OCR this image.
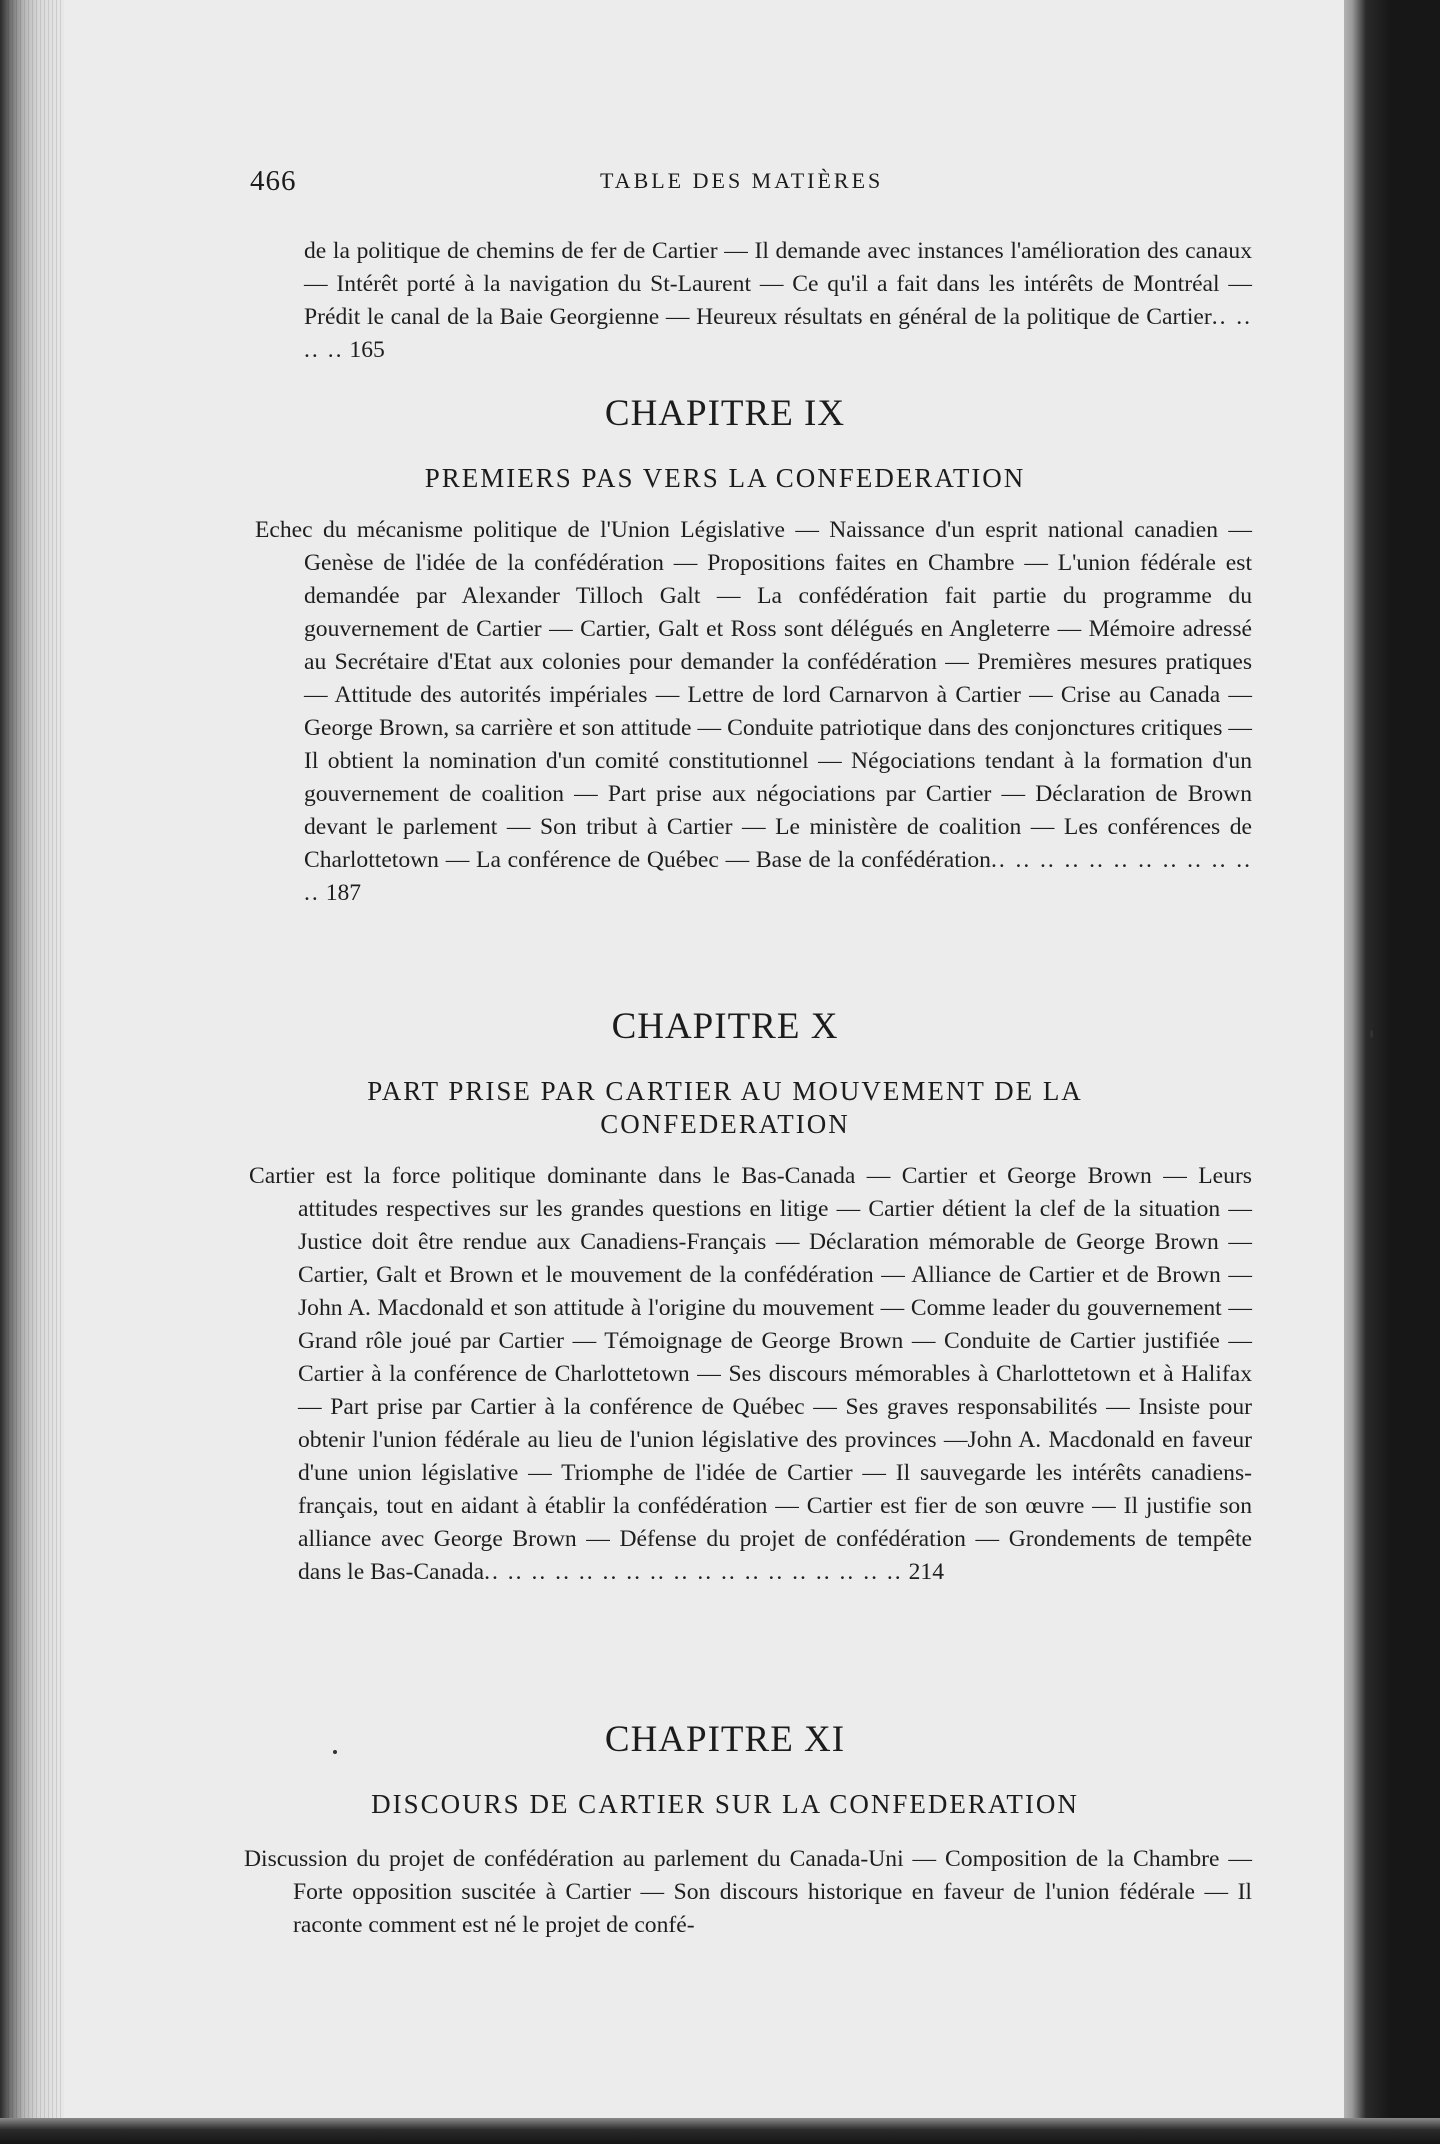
466	TABLE DES MATIÈRES
de la politique de chemins de fer de Cartier — Il demande avec instances l'amélioration des canaux — Intérêt porté à la navigation du St-Laurent — Ce qu'il a fait dans les intérêts de Montréal — Prédit le canal de la Baie Georgienne — Heureux résultats en général de la politique de Cartier.. .. .. .. 165
CHAPITRE IX
PREMIERS PAS VERS LA CONFEDERATION
Echec du mécanisme politique de l'Union Législative — Naissance d'un esprit national canadien — Genèse de l'idée de la confédération — Propositions faites en Chambre — L'union fédérale est demandée par Alexander Tilloch Galt — La confédération fait partie du programme du gouvernement de Cartier — Cartier, Galt et Ross sont délégués en Angleterre — Mémoire adressé au Secrétaire d'Etat aux colonies pour demander la confédération — Premières mesures pratiques — Attitude des autorités impériales — Lettre de lord Carnarvon à Cartier — Crise au Canada — George Brown, sa carrière et son attitude — Conduite patriotique dans des conjonctures critiques — Il obtient la nomination d'un comité constitutionnel — Négociations tendant à la formation d'un gouvernement de coalition — Part prise aux négociations par Cartier — Déclaration de Brown devant le parlement — Son tribut à Cartier — Le ministère de coalition — Les conférences de Charlottetown — La conférence de Québec — Base de la confédération.. .. .. .. .. .. .. .. .. .. .. .. 187
CHAPITRE X
PART PRISE PAR CARTIER AU MOUVEMENT DE LA
CONFEDERATION
Cartier est la force politique dominante dans le Bas-Canada — Cartier et George Brown — Leurs attitudes respectives sur les grandes questions en litige — Cartier détient la clef de la situation — Justice doit être rendue aux Canadiens-Français — Déclaration mémorable de George Brown — Cartier, Galt et Brown et le mouvement de la confédération — Alliance de Cartier et de Brown — John A. Macdonald et son attitude à l'origine du mouvement — Comme leader du gouvernement — Grand rôle joué par Cartier — Témoignage de George Brown — Conduite de Cartier justifiée — Cartier à la conférence de Charlottetown — Ses discours mémorables à Charlottetown et à Halifax — Part prise par Cartier à la conférence de Québec — Ses graves responsabilités — Insiste pour obtenir l'union fédérale au lieu de l'union législative des provinces —John A. Macdonald en faveur d'une union législative — Triomphe de l'idée de Cartier — Il sauvegarde les intérêts canadiens-français, tout en aidant à établir la confédération — Cartier est fier de son œuvre — Il justifie son alliance avec George Brown — Défense du projet de confédération — Grondements de tempête dans le Bas-Canada.. .. .. .. .. .. .. .. .. .. .. .. .. .. .. .. .. .. 214
CHAPITRE XI
DISCOURS DE CARTIER SUR LA CONFEDERATION
Discussion du projet de confédération au parlement du Canada-Uni — Composition de la Chambre — Forte opposition suscitée à Cartier — Son discours historique en faveur de l'union fédérale — Il raconte comment est né le projet de confé-
